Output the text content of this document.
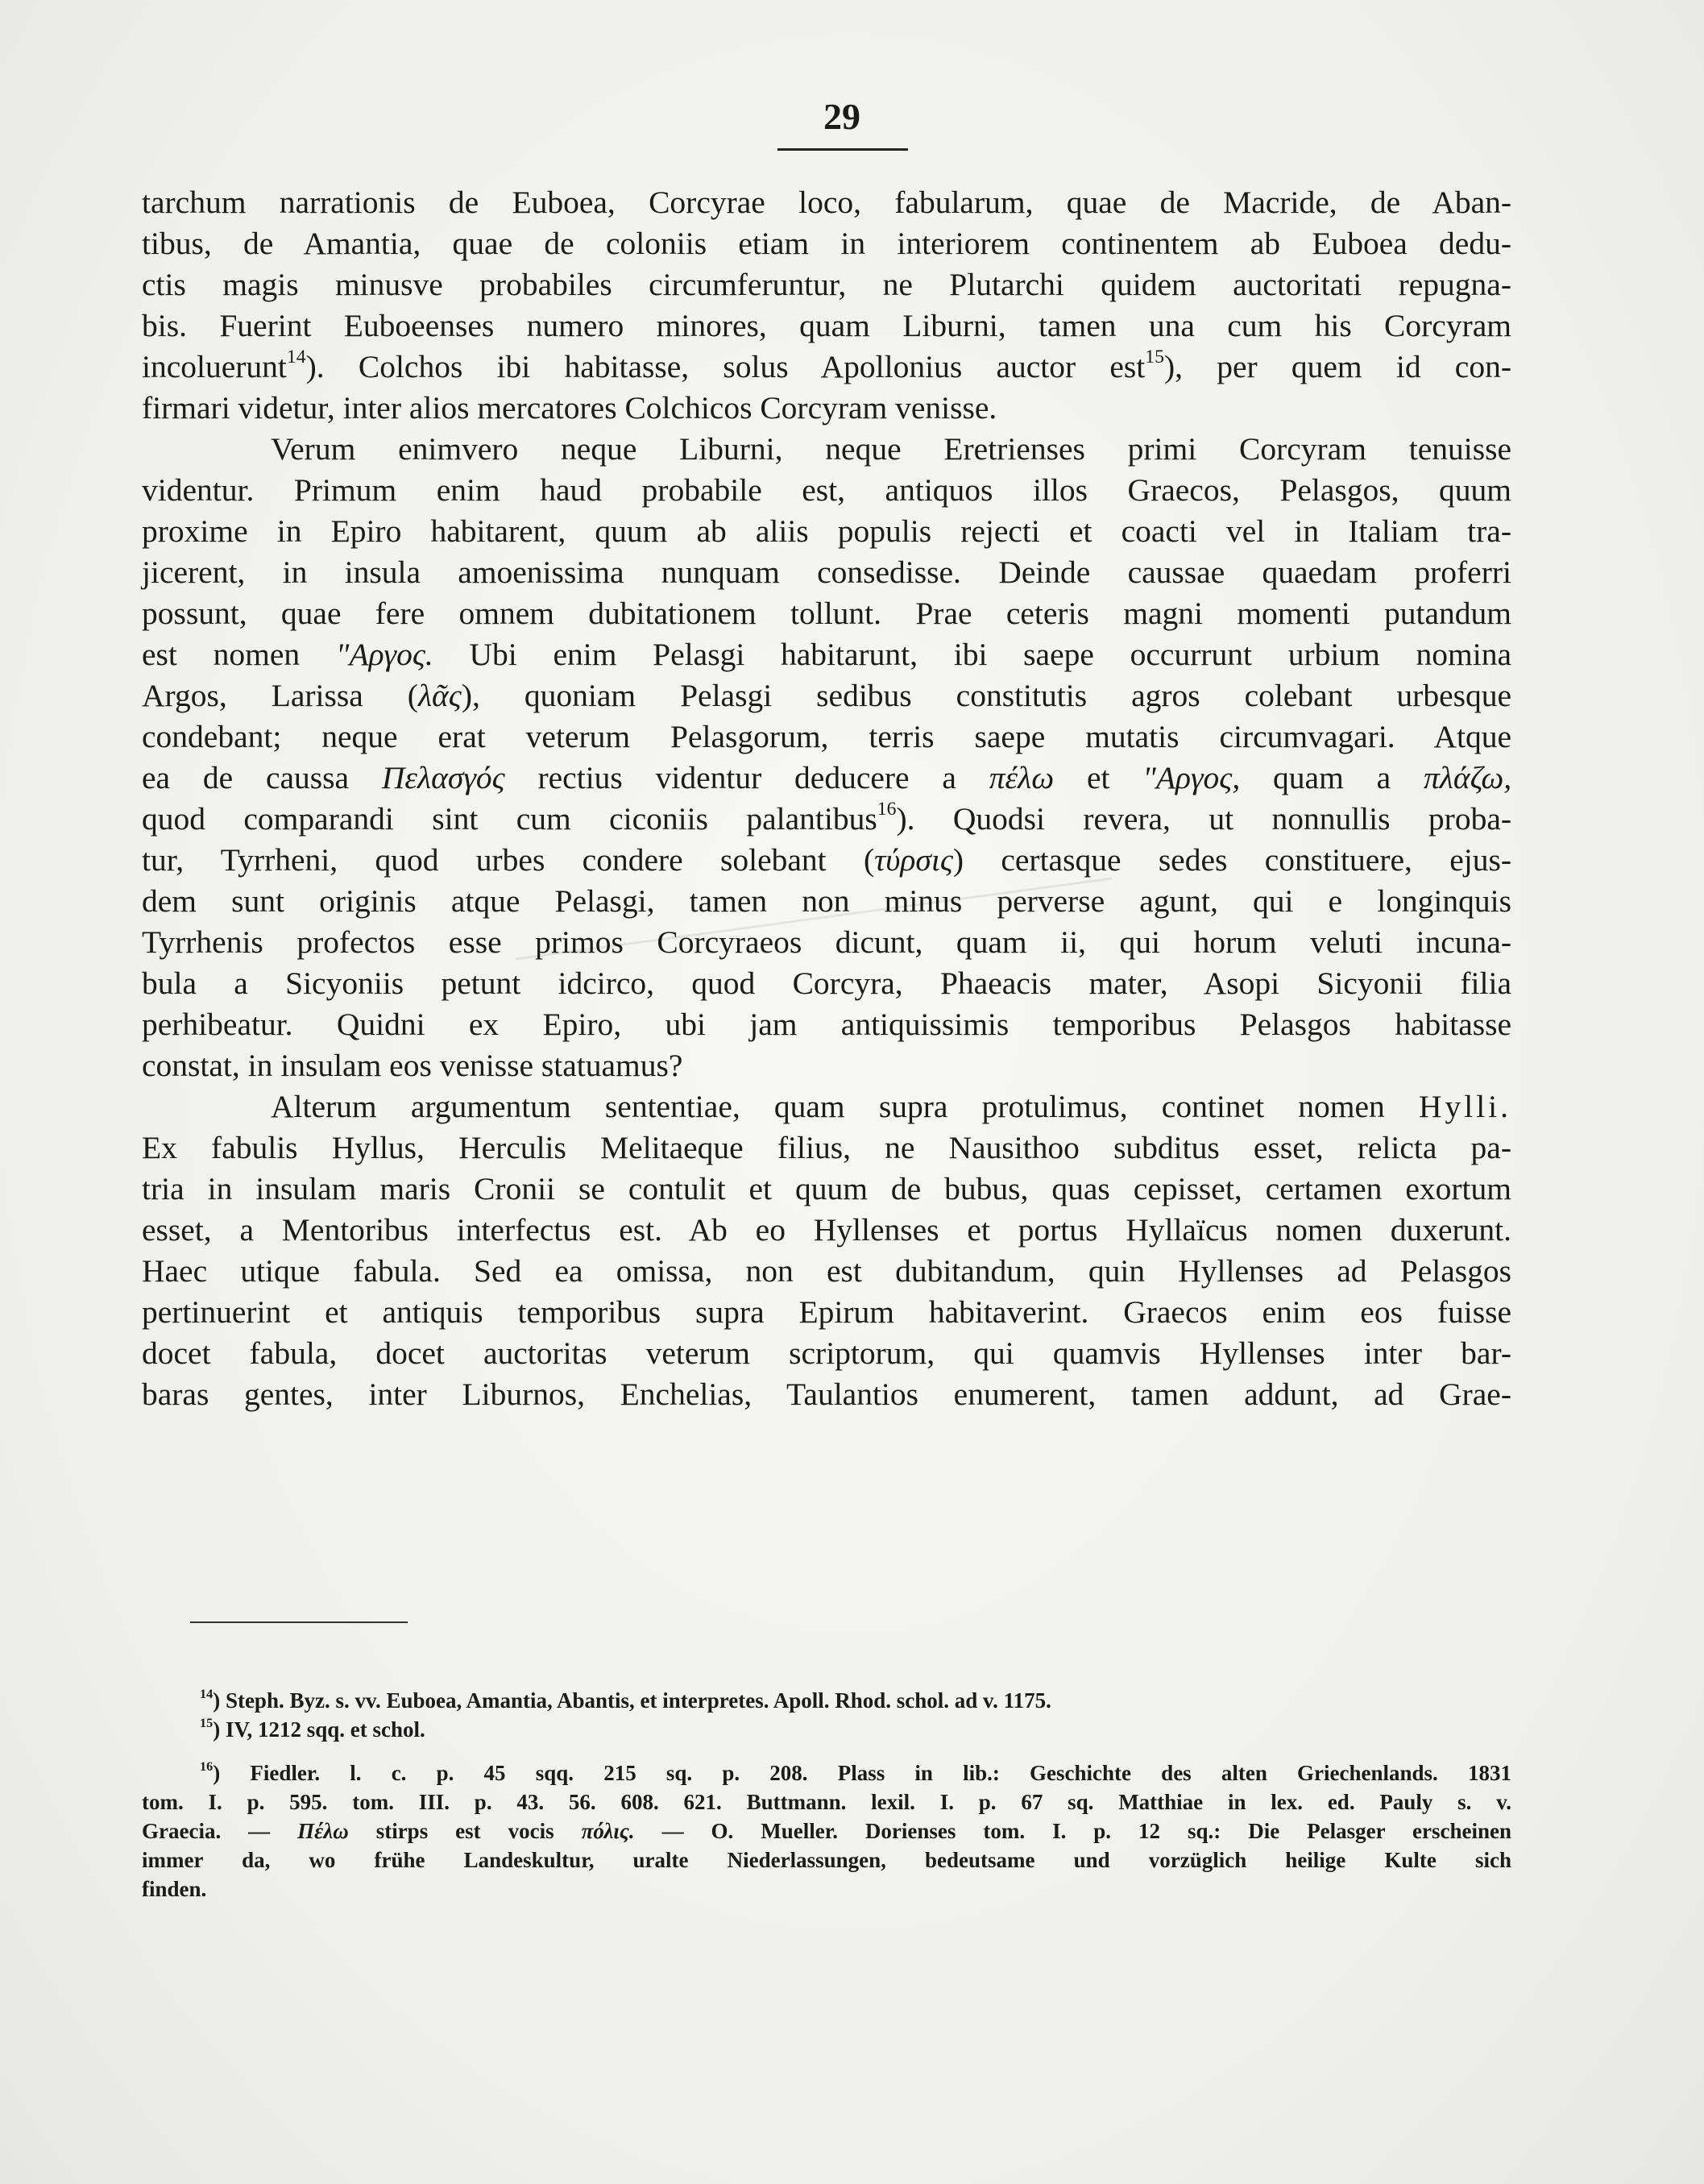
29

tarchum narrationis de Euboea, Corcyrae loco, fabularum, quae de Macride, de Aban-
tibus, de Amantia, quae de coloniis etiam in interiorem continentem ab Euboea dedu-
ctis magis minusve probabiles circumferuntur, ne Plutarchi quidem auctoritati repugna-
bis. Fuerint Euboeenses numero minores, quam Liburni, tamen una cum his Corcyram
incoluerunt$^{14}$). Colchos ibi habitasse, solus Apollonius auctor est$^{15}$), per quem id con-
firmari videtur, inter alios mercatores Colchicos Corcyram venisse.

Verum enimvero neque Liburni, neque Eretrienses primi Corcyram tenuisse
videntur. Primum enim haud probabile est, antiquos illos Graecos, Pelasgos, quum
proxime in Epiro habitarent, quum ab aliis populis rejecti et coacti vel in Italiam tra-
jicerent, in insula amoenissima nunquam consedisse. Deinde caussae quaedam proferri
possunt, quae fere omnem dubitationem tollunt. Prae ceteris magni momenti putandum
est nomen "Αργος. Ubi enim Pelasgi habitarunt, ibi saepe occurrunt urbium nomina
Argos, Larissa (λᾶς), quoniam Pelasgi sedibus constitutis agros colebant urbesque
condebant; neque erat veterum Pelasgorum, terris saepe mutatis circumvagari. Atque
ea de caussa Πελασγός rectius videntur deducere a πέλω et "Αργος, quam a πλάζω,
quod comparandi sint cum ciconiis palantibus$^{16}$). Quodsi revera, ut nonnullis proba-
tur, Tyrrheni, quod urbes condere solebant (τύρσις) certasque sedes constituere, ejus-
dem sunt originis atque Pelasgi, tamen non minus perverse agunt, qui e longinquis
Tyrrhenis profectos esse primos Corcyraeos dicunt, quam ii, qui horum veluti incuna-
bula a Sicyoniis petunt idcirco, quod Corcyra, Phaeacis mater, Asopi Sicyonii filia
perhibeatur. Quidni ex Epiro, ubi jam antiquissimis temporibus Pelasgos habitasse
constat, in insulam eos venisse statuamus?

Alterum argumentum sententiae, quam supra protulimus, continet nomen Hylli.
Ex fabulis Hyllus, Herculis Melitaeque filius, ne Nausithoo subditus esset, relicta pa-
tria in insulam maris Cronii se contulit et quum de bubus, quas cepisset, certamen exortum
esset, a Mentoribus interfectus est. Ab eo Hyllenses et portus Hyllaïcus nomen duxerunt.
Haec utique fabula. Sed ea omissa, non est dubitandum, quin Hyllenses ad Pelasgos
pertinuerint et antiquis temporibus supra Epirum habitaverint. Graecos enim eos fuisse
docet fabula, docet auctoritas veterum scriptorum, qui quamvis Hyllenses inter bar-
baras gentes, inter Liburnos, Enchelias, Taulantios enumerent, tamen addunt, ad Grae-

$^{14}$) Steph. Byz. s. vv. Euboea, Amantia, Abantis, et interpretes. Apoll. Rhod. schol. ad v. 1175.
$^{15}$) IV, 1212 sqq. et schol.
$^{16}$) Fiedler. l. c. p. 45 sqq. 215 sq. p. 208. Plass in lib.: Geschichte des alten Griechenlands. 1831
tom. I. p. 595. tom. III. p. 43. 56. 608. 621. Buttmann. lexil. I. p. 67 sq. Matthiae in lex. ed. Pauly s. v.
Graecia. — Πέλω stirps est vocis πόλις. — O. Mueller. Dorienses tom. I. p. 12 sq.: Die Pelasger erscheinen
immer da, wo frühe Landeskultur, uralte Niederlassungen, bedeutsame und vorzüglich heilige Kulte sich
finden.
